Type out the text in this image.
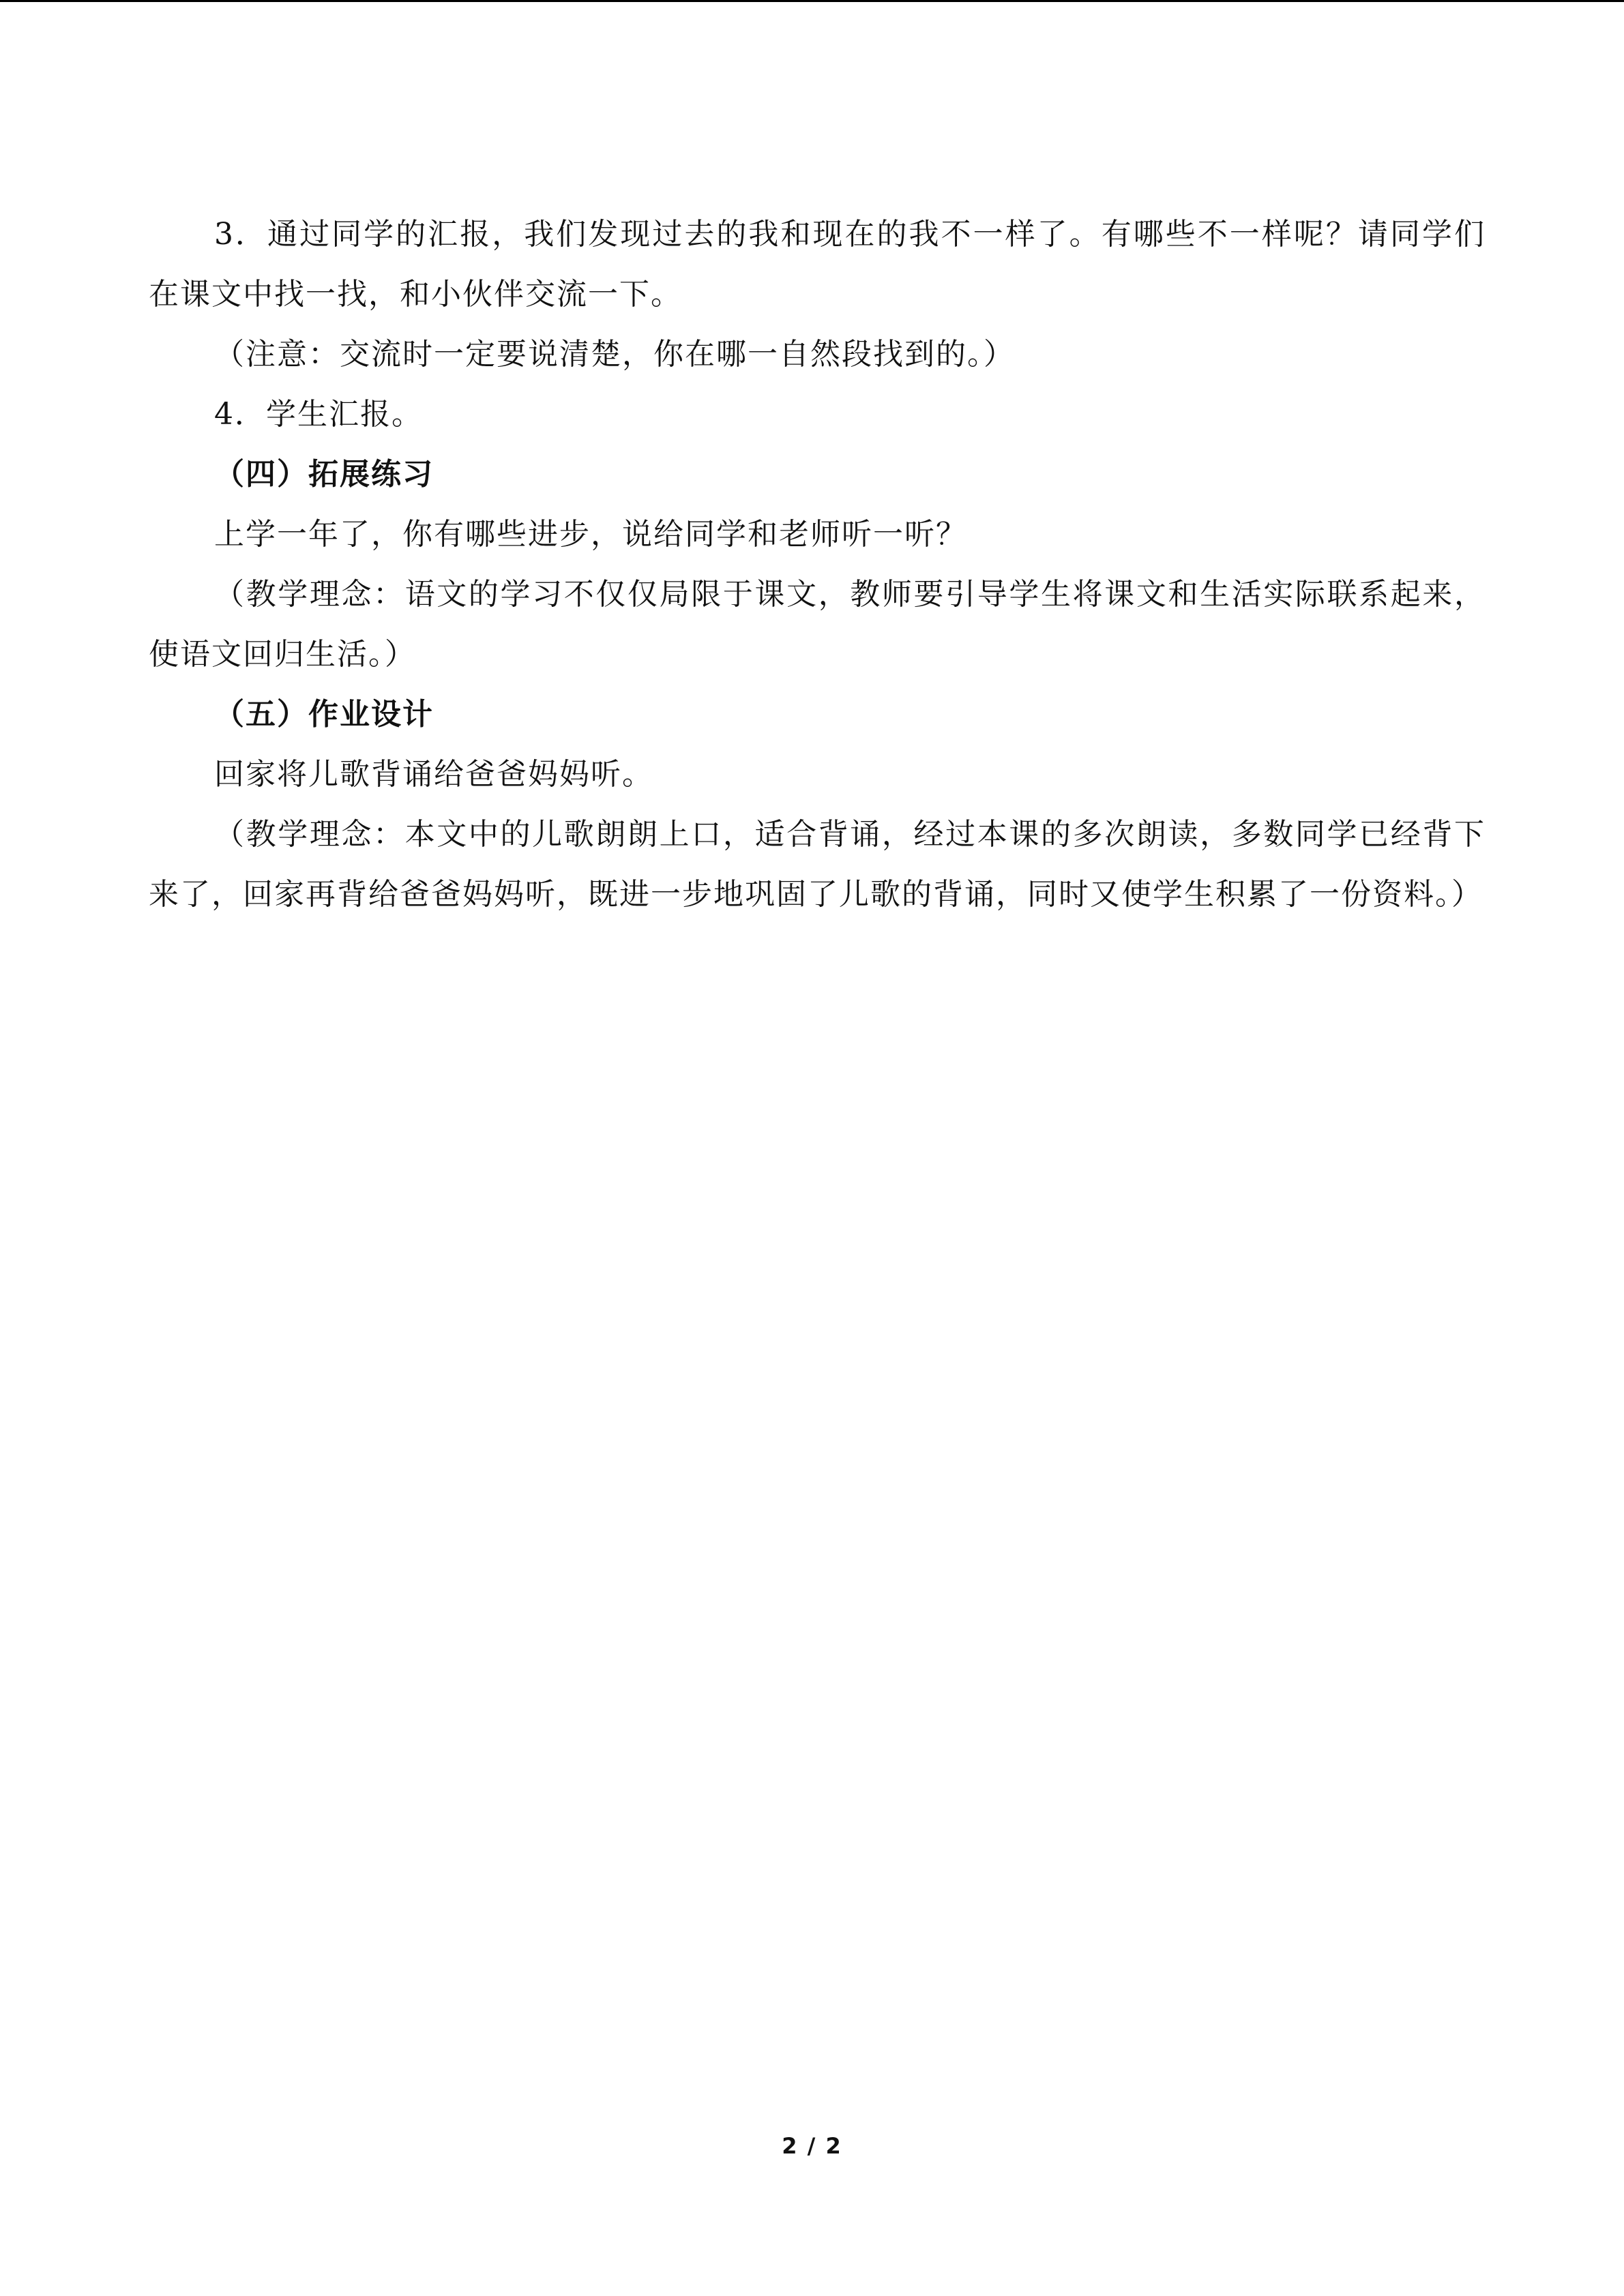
3．通过同学的汇报，我们发现过去的我和现在的我不一样了。有哪些不一样呢？请同学们在课文中找一找，和小伙伴交流一下。

（注意：交流时一定要说清楚，你在哪一自然段找到的。）

4．学生汇报。

（四）拓展练习

上学一年了，你有哪些进步，说给同学和老师听一听？

（教学理念：语文的学习不仅仅局限于课文，教师要引导学生将课文和生活实际联系起来，使语文回归生活。）

（五）作业设计

回家将儿歌背诵给爸爸妈妈听。

（教学理念：本文中的儿歌朗朗上口，适合背诵，经过本课的多次朗读，多数同学已经背下来了，回家再背给爸爸妈妈听，既进一步地巩固了儿歌的背诵，同时又使学生积累了一份资料。）

2 / 2
